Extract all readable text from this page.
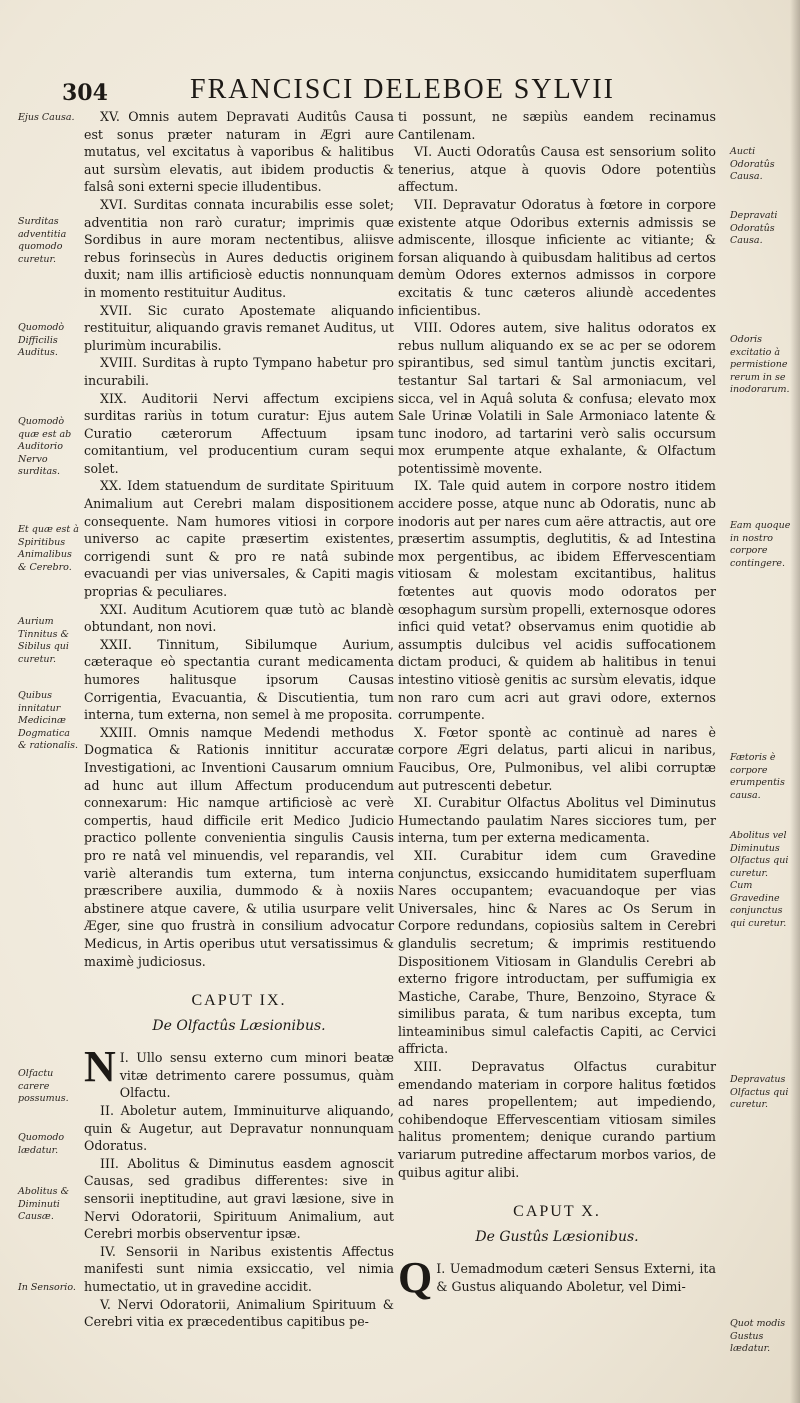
304	FRANCISCI DELEBOE SYLVII

Ejus Causa.

Surditas adventitia quomodo curetur.

Quomodò Difficilis Auditus.

Quomodò quæ est ab Auditorio Nervo surditas.

Et quæ est à Spiritibus Animalibus & Cerebro.

Aurium Tinnitus & Sibilus qui curetur.

Quibus innitatur Medicinæ Dogmatica & rationalis.

Olfactu carere possumus.

Quomodo lædatur.

Abolitus & Diminuti Causæ.

In Sensorio.

Aucti Odoratûs Causa.

Depravati Odoratûs Causa.

Odoris excitatio à permistione rerum in se inodorarum.

Eam quoque in nostro corpore contingere.

Fætoris è corpore erumpentis causa.

Abolitus vel Diminutus Olfactus qui curetur. Cum Gravedine conjunctus qui curetur.

Depravatus Olfactus qui curetur.

Quot modis Gustus lædatur.

XV. Omnis autem Depravati Auditûs Causa est sonus præter naturam in Ægri aure mutatus, vel excitatus à vaporibus & halitibus aut sursùm elevatis, aut ibidem productis & falsâ soni externi specie illudentibus.

XVI. Surditas connata incurabilis esse solet; adventitia non rarò curatur; imprimis quæ Sordibus in aure moram nectentibus, aliisve rebus forinsecùs in Aures deductis originem duxit; nam illis artificiosè eductis nonnunquam in momento restituitur Auditus.

XVII. Sic curato Apostemate aliquando restituitur, aliquando gravis remanet Auditus, ut plurimùm incurabilis.

XVIII. Surditas à rupto Tympano habetur pro incurabili.

XIX. Auditorii Nervi affectum excipiens surditas rariùs in totum curatur: Ejus autem Curatio cæterorum Affectuum ipsam comitantium, vel producentium curam sequi solet.

XX. Idem statuendum de surditate Spirituum Animalium aut Cerebri malam dispositionem consequente. Nam humores vitiosi in corpore universo ac capite præsertim existentes, corrigendi sunt & pro re natâ subinde evacuandi per vias universales, & Capiti magis proprias & peculiares.

XXI. Auditum Acutiorem quæ tutò ac blandè obtundant, non novi.

XXII. Tinnitum, Sibilumque Aurium, cæteraque eò spectantia curant medicamenta humores halitusque ipsorum Causas Corrigentia, Evacuantia, & Discutientia, tum interna, tum externa, non semel à me proposita.

XXIII. Omnis namque Medendi methodus Dogmatica & Rationis innititur accuratæ Investigationi, ac Inventioni Causarum omnium ad hunc aut illum Affectum producendum connexarum: Hic namque artificiosè ac verè compertis, haud difficile erit Medico Judicio practico pollente convenientia singulis Causis pro re natâ vel minuendis, vel reparandis, vel variè alterandis tum externa, tum interna præscribere auxilia, dummodo & à noxiis abstinere atque cavere, & utilia usurpare velit Æger, sine quo frustrà in consilium advocatur Medicus, in Artis operibus utut versatissimus & maximè judiciosus.

CAPUT IX.

De Olfactûs Læsionibus.

N I. Ullo sensu externo cum minori beatæ vitæ detrimento carere possumus, quàm Olfactu.

II. Aboletur autem, Imminuiturve aliquando, quin & Augetur, aut Depravatur nonnunquam Odoratus.

III. Abolitus & Diminutus easdem agnoscit Causas, sed gradibus differentes: sive in sensorii ineptitudine, aut gravi læsione, sive in Nervi Odoratorii, Spirituum Animalium, aut Cerebri morbis observentur ipsæ.

IV. Sensorii in Naribus existentis Affectus manifesti sunt nimia exsiccatio, vel nimia humectatio, ut in gravedine accidit.

V. Nervi Odoratorii, Animalium Spirituum & Cerebri vitia ex præcedentibus capitibus pe-

ti possunt, ne sæpiùs eandem recinamus Cantilenam.

VI. Aucti Odoratûs Causa est sensorium solito tenerius, atque à quovis Odore potentiùs affectum.

VII. Depravatur Odoratus à fœtore in corpore existente atque Odoribus externis admissis se admiscente, illosque inficiente ac vitiante; & forsan aliquando à quibusdam halitibus ad certos demùm Odores externos admissos in corpore excitatis & tunc cæteros aliundè accedentes inficientibus.

VIII. Odores autem, sive halitus odoratos ex rebus nullum aliquando ex se ac per se odorem spirantibus, sed simul tantùm junctis excitari, testantur Sal tartari & Sal armoniacum, vel sicca, vel in Aquâ soluta & confusa; elevato mox Sale Urinæ Volatili in Sale Armoniaco latente & tunc inodoro, ad tartarini verò salis occursum mox erumpente atque exhalante, & Olfactum potentissimè movente.

IX. Tale quid autem in corpore nostro itidem accidere posse, atque nunc ab Odoratis, nunc ab inodoris aut per nares cum aëre attractis, aut ore præsertim assumptis, deglutitis, & ad Intestina mox pergentibus, ac ibidem Effervescentiam vitiosam & molestam excitantibus, halitus fœtentes aut quovis modo odoratos per œsophagum sursùm propelli, externosque odores infici quid vetat? observamus enim quotidie ab assumptis dulcibus vel acidis suffocationem dictam produci, & quidem ab halitibus in tenui intestino vitiosè genitis ac sursùm elevatis, idque non raro cum acri aut gravi odore, externos corrumpente.

X. Fœtor spontè ac continuè ad nares è corpore Ægri delatus, parti alicui in naribus, Faucibus, Ore, Pulmonibus, vel alibi corruptæ aut putrescenti debetur.

XI. Curabitur Olfactus Abolitus vel Diminutus Humectando paulatim Nares sicciores tum, per interna, tum per externa medicamenta.

XII. Curabitur idem cum Gravedine conjunctus, exsiccando humiditatem superfluam Nares occupantem; evacuandoque per vias Universales, hinc & Nares ac Os Serum in Corpore redundans, copiosiùs saltem in Cerebri glandulis secretum; & imprimis restituendo Dispositionem Vitiosam in Glandulis Cerebri ab externo frigore introductam, per suffumigia ex Mastiche, Carabe, Thure, Benzoino, Styrace & similibus parata, & tum naribus excepta, tum linteaminibus simul calefactis Capiti, ac Cervici affricta.

XIII. Depravatus Olfactus curabitur emendando materiam in corpore halitus fœtidos ad nares propellentem; aut impediendo, cohibendoque Effervescentiam vitiosam similes halitus promentem; denique curando partium variarum putredine affectarum morbos varios, de quibus agitur alibi.

CAPUT X.

De Gustûs Læsionibus.

Q I. Uemadmodum cæteri Sensus Externi, ita & Gustus aliquando Aboletur, vel Dimi-
